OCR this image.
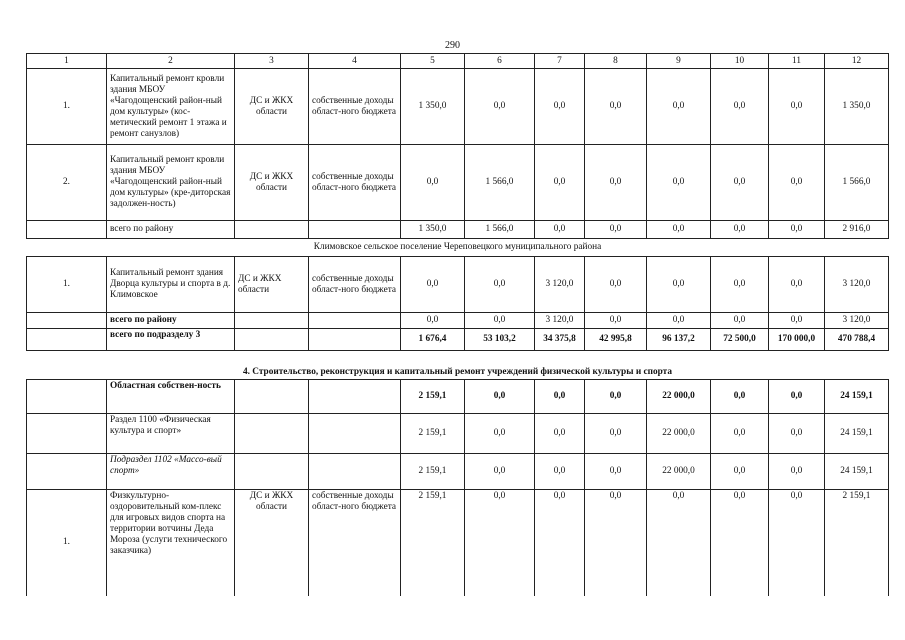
290
1	2	3	4	5	6	7	8	9	10	11	12
1.	Капитальный ремонт кровли здания МБОУ «Чагодощенский район-ный дом культуры» (кос-метический ремонт 1 этажа и ремонт санузлов)	ДС и ЖКХ области	собственные доходы област-ного бюджета	1 350,0	0,0	0,0	0,0	0,0	0,0	0,0	1 350,0
2.	Капитальный ремонт кровли здания МБОУ «Чагодощенский район-ный дом культуры» (кре-диторская задолжен-ность)	ДС и ЖКХ области	собственные доходы област-ного бюджета	0,0	1 566,0	0,0	0,0	0,0	0,0	0,0	1 566,0
	всего по району			1 350,0	1 566,0	0,0	0,0	0,0	0,0	0,0	2 916,0
Климовское сельское поселение Череповецкого муниципального района											
1.	Капитальный ремонт здания Дворца культуры и спорта в д. Климовское	ДС и ЖКХ области	собственные доходы област-ного бюджета	0,0	0,0	3 120,0	0,0	0,0	0,0	0,0	3 120,0
	всего по району			0,0	0,0	3 120,0	0,0	0,0	0,0	0,0	3 120,0
	всего по подразделу 3			1 676,4	53 103,2	34 375,8	42 995,8	96 137,2	72 500,0	170 000,0	470 788,4
4. Строительство, реконструкция и капитальный ремонт учреждений физической культуры и спорта											
	Областная собствен-ность			2 159,1	0,0	0,0	0,0	22 000,0	0,0	0,0	24 159,1
	Раздел 1100 «Физическая культура и спорт»			2 159,1	0,0	0,0	0,0	22 000,0	0,0	0,0	24 159,1
	Подраздел 1102 «Массо-вый спорт»			2 159,1	0,0	0,0	0,0	22 000,0	0,0	0,0	24 159,1
1.	Физкультурно-оздоровительный ком-плекс для игровых видов спорта на территории вотчины Деда Мороза (услуги технического заказчика)	ДС и ЖКХ области	собственные доходы област-ного бюджета	2 159,1	0,0	0,0	0,0	0,0	0,0	0,0	2 159,1
